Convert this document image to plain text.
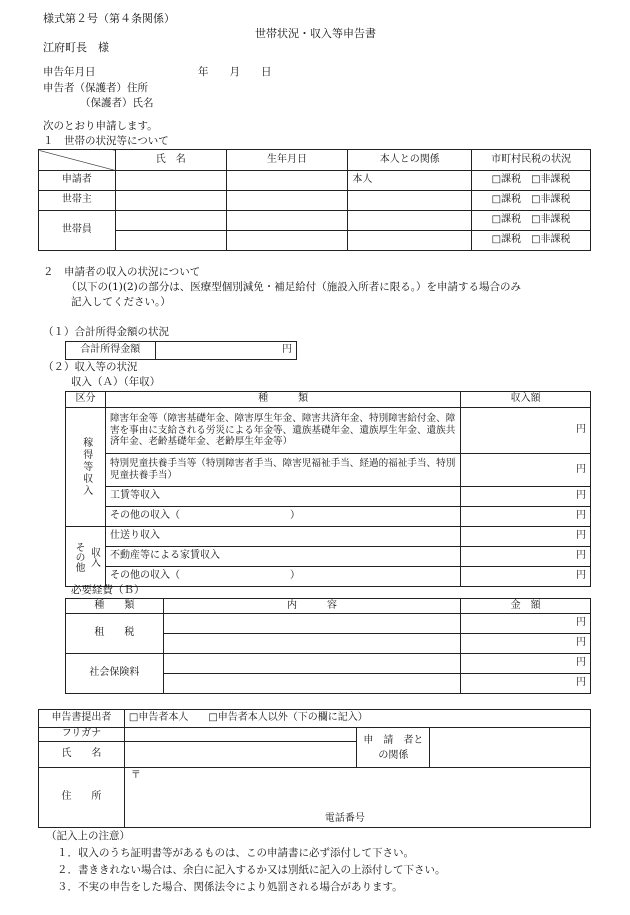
様式第２号（第４条関係）
世帯状況・収入等申告書
江府町長　様
申告年月日	年　　月　　日
申告者（保護者）住所
（保護者）氏名
次のとおり申請します。
１　世帯の状況等について
	氏　名	生年月日	本人との関係	市町村民税の状況
申請者			本人	□課税　□非課税
世帯主				□課税　□非課税
世帯員				□課税　□非課税
				□課税　□非課税
２　申請者の収入の状況について
（以下の(1)(2)の部分は、医療型個別減免・補足給付（施設入所者に限る。）を申請する場合のみ
記入してください。）
（１）合計所得金額の状況
合計所得金額	円
（２）収入等の状況
収入（Ａ）（年収）
区分	種　　　類	収入額

稼得等収入	障害年金等（障害基礎年金、障害厚生年金、障害共済年金、特別障害給付金、障害を事由に支給される労災による年金等、遺族基礎年金、遺族厚生年金、遺族共済年金、老齢基礎年金、老齢厚生年金等）	円
	特別児童扶養手当等（特別障害者手当、障害児福祉手当、経過的福祉手当、特別児童扶養手当）	円
	工賃等収入	円
	その他の収入（　　　　　　　　　　　）	円

その他 収入	仕送り収入	円
	不動産等による家賃収入	円
	その他の収入（　　　　　　　　　　　）	円
必要経費（Ｂ）
種　　類	内　　　容	金　額
租　　税		円
		円
社会保険料		円
		円
申告書提出者	□申告者本人　　□申告者本人以外（下の欄に記入）		
フリガナ		申　請　者との関係	
氏　　名			
住　　所	〒
電話番号		
（記入上の注意）
１．収入のうち証明書等があるものは、この申請書に必ず添付して下さい。
２．書ききれない場合は、余白に記入するか又は別紙に記入の上添付して下さい。
３．不実の申告をした場合、関係法令により処罰される場合があります。
